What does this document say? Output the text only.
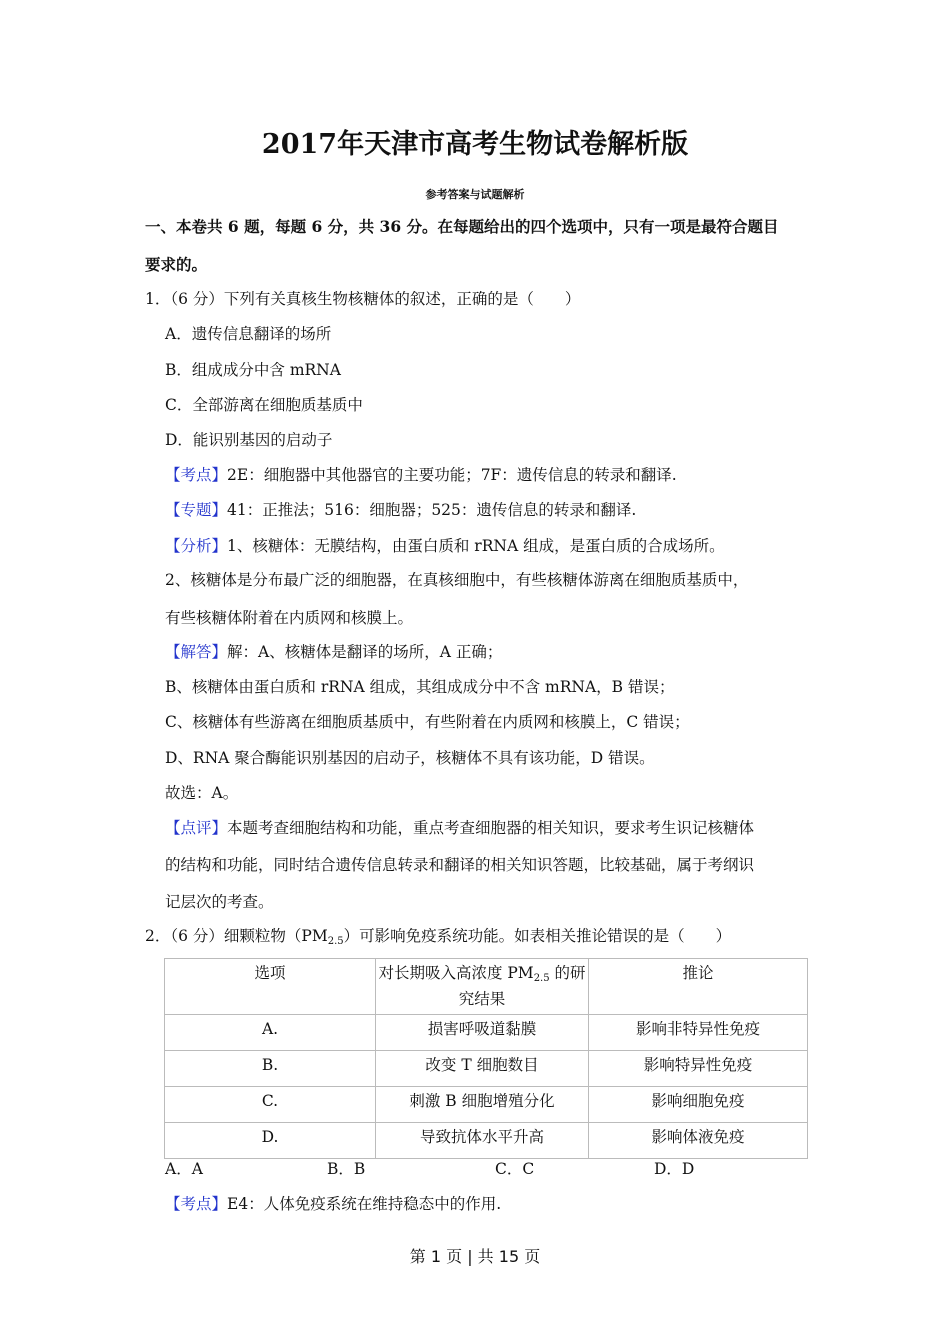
2017年天津市高考生物试卷解析版
参考答案与试题解析
一、本卷共 6 题，每题 6 分，共 36 分。在每题给出的四个选项中，只有一项是最符合题目
要求的。
1．（6 分）下列有关真核生物核糖体的叙述，正确的是（　　）
A．遗传信息翻译的场所
B．组成成分中含 mRNA
C．全部游离在细胞质基质中
D．能识别基因的启动子
【考点】2E：细胞器中其他器官的主要功能；7F：遗传信息的转录和翻译.
【专题】41：正推法；516：细胞器；525：遗传信息的转录和翻译.
【分析】1、核糖体：无膜结构，由蛋白质和 rRNA 组成，是蛋白质的合成场所。
2、核糖体是分布最广泛的细胞器，在真核细胞中，有些核糖体游离在细胞质基质中，
有些核糖体附着在内质网和核膜上。
【解答】解：A、核糖体是翻译的场所，A 正确；
B、核糖体由蛋白质和 rRNA 组成，其组成成分中不含 mRNA，B 错误；
C、核糖体有些游离在细胞质基质中，有些附着在内质网和核膜上，C 错误；
D、RNA 聚合酶能识别基因的启动子，核糖体不具有该功能，D 错误。
故选：A。
【点评】本题考查细胞结构和功能，重点考查细胞器的相关知识，要求考生识记核糖体
的结构和功能，同时结合遗传信息转录和翻译的相关知识答题，比较基础，属于考纲识
记层次的考查。
2．（6 分）细颗粒物$(PM_{2.5})$可影响免疫系统功能。如表相关推论错误的是（　　）
选项	对长期吸入高浓度 $PM_{2.5}$ 的研究结果	推论
A.	损害呼吸道黏膜	影响非特异性免疫
B.	改变 T 细胞数目	影响特异性免疫
C.	刺激 B 细胞增殖分化	影响细胞免疫
D.	导致抗体水平升高	影响体液免疫
A．A	B．B	C．C	D．D
【考点】E4：人体免疫系统在维持稳态中的作用.
第 1 页 | 共 15 页
